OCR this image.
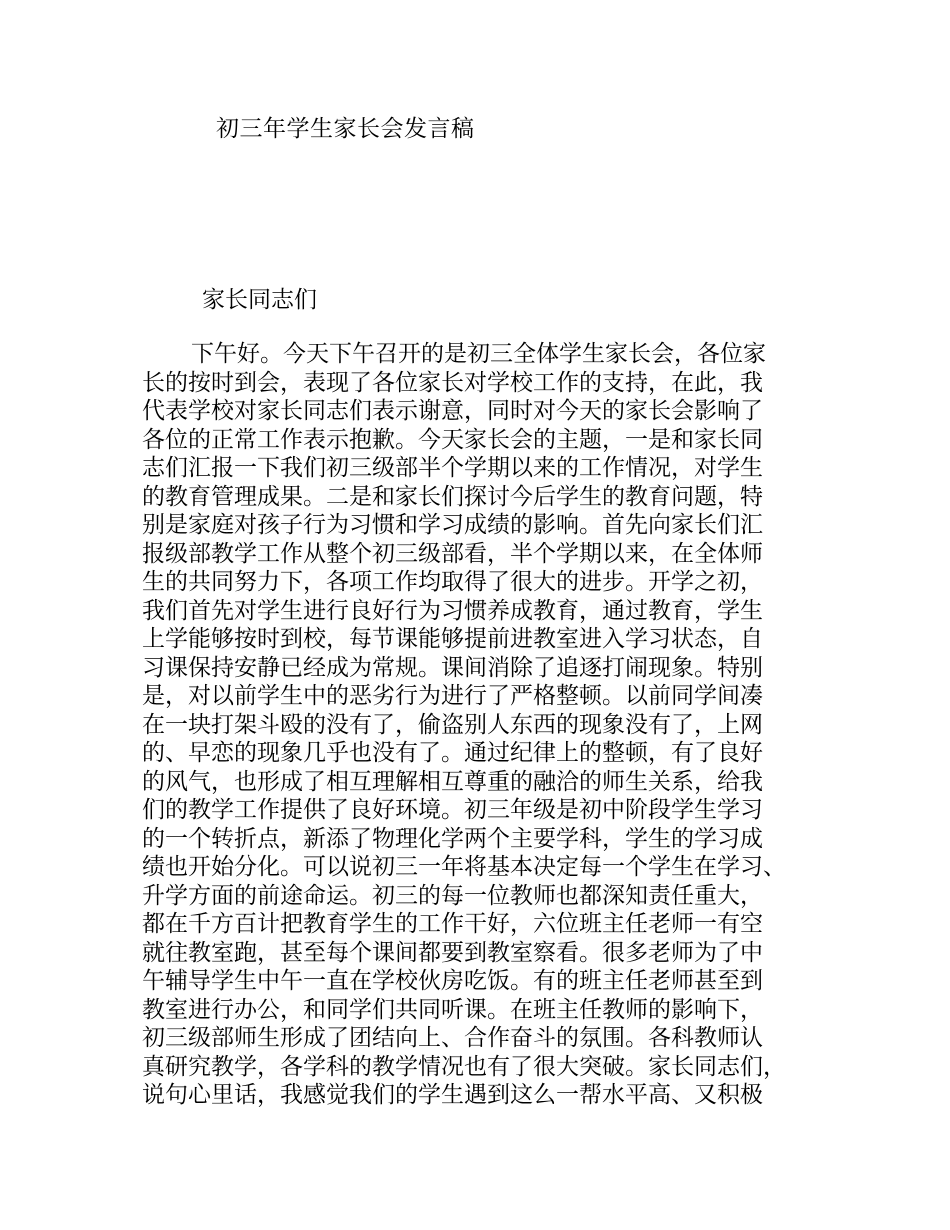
初三年学生家长会发言稿
家长同志们
下午好。今天下午召开的是初三全体学生家长会，各位家
长的按时到会，表现了各位家长对学校工作的支持，在此，我
代表学校对家长同志们表示谢意，同时对今天的家长会影响了
各位的正常工作表示抱歉。今天家长会的主题，一是和家长同
志们汇报一下我们初三级部半个学期以来的工作情况，对学生
的教育管理成果。二是和家长们探讨今后学生的教育问题，特
别是家庭对孩子行为习惯和学习成绩的影响。首先向家长们汇
报级部教学工作从整个初三级部看，半个学期以来，在全体师
生的共同努力下，各项工作均取得了很大的进步。开学之初，
我们首先对学生进行良好行为习惯养成教育，通过教育，学生
上学能够按时到校，每节课能够提前进教室进入学习状态，自
习课保持安静已经成为常规。课间消除了追逐打闹现象。特别
是，对以前学生中的恶劣行为进行了严格整顿。以前同学间凑
在一块打架斗殴的没有了，偷盗别人东西的现象没有了，上网
的、早恋的现象几乎也没有了。通过纪律上的整顿，有了良好
的风气，也形成了相互理解相互尊重的融洽的师生关系，给我
们的教学工作提供了良好环境。初三年级是初中阶段学生学习
的一个转折点，新添了物理化学两个主要学科，学生的学习成
绩也开始分化。可以说初三一年将基本决定每一个学生在学习、
升学方面的前途命运。初三的每一位教师也都深知责任重大，
都在千方百计把教育学生的工作干好，六位班主任老师一有空
就往教室跑，甚至每个课间都要到教室察看。很多老师为了中
午辅导学生中午一直在学校伙房吃饭。有的班主任老师甚至到
教室进行办公，和同学们共同听课。在班主任教师的影响下，
初三级部师生形成了团结向上、合作奋斗的氛围。各科教师认
真研究教学，各学科的教学情况也有了很大突破。家长同志们，
说句心里话，我感觉我们的学生遇到这么一帮水平高、又积极
